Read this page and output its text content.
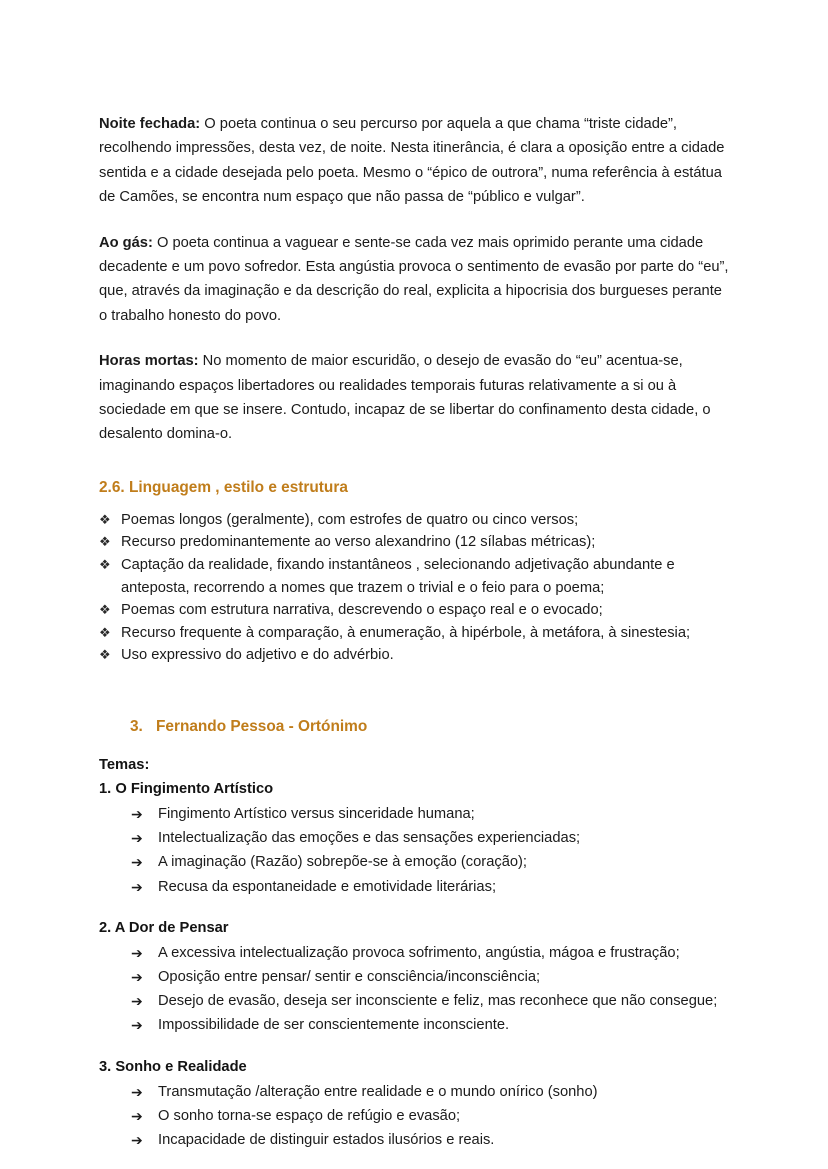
Noite fechada: O poeta continua o seu percurso por aquela a que chama “triste cidade”, recolhendo impressões, desta vez, de noite. Nesta itinerância, é clara a oposição entre a cidade sentida e a cidade desejada pelo poeta. Mesmo o “épico de outrora”, numa referência à estátua de Camões, se encontra num espaço que não passa de “público e vulgar”.

Ao gás: O poeta continua a vaguear e sente-se cada vez mais oprimido perante uma cidade decadente e um povo sofredor. Esta angústia provoca o sentimento de evasão por parte do “eu”, que, através da imaginação e da descrição do real, explicita a hipocrisia dos burgueses perante o trabalho honesto do povo.

Horas mortas: No momento de maior escuridão, o desejo de evasão do “eu” acentua-se, imaginando espaços libertadores ou realidades temporais futuras relativamente a si ou à sociedade em que se insere. Contudo, incapaz de se libertar do confinamento desta cidade, o desalento domina-o.

2.6. Linguagem , estilo e estrutura
❖ Poemas longos (geralmente), com estrofes de quatro ou cinco versos;
❖ Recurso predominantemente ao verso alexandrino (12 sílabas métricas);
❖ Captação da realidade, fixando instantâneos , selecionando adjetivação abundante e anteposta, recorrendo a nomes que trazem o trivial e o feio para o poema;
❖ Poemas com estrutura narrativa, descrevendo o espaço real e o evocado;
❖ Recurso frequente à comparação, à enumeração, à hipérbole, à metáfora, à sinestesia;
❖ Uso expressivo do adjetivo e do advérbio.
3. Fernando Pessoa - Ortónimo

Temas:

1. O Fingimento Artístico

➔ Fingimento Artístico versus sinceridade humana;
➔ Intelectualização das emoções e das sensações experienciadas;
➔ A imaginação (Razão) sobrepõe-se à emoção (coração);
➔ Recusa da espontaneidade e emotividade literárias;

2. A Dor de Pensar

➔ A excessiva intelectualização provoca sofrimento, angústia, mágoa e frustração;
➔ Oposição entre pensar/ sentir e consciência/inconsciência;
➔ Desejo de evasão, deseja ser inconsciente e feliz, mas reconhece que não consegue;
➔ Impossibilidade de ser conscientemente inconsciente.

3. Sonho e Realidade

➔ Transmutação /alteração entre realidade e o mundo onírico (sonho)
➔ O sonho torna-se espaço de refúgio e evasão;
➔ Incapacidade de distinguir estados ilusórios e reais.
